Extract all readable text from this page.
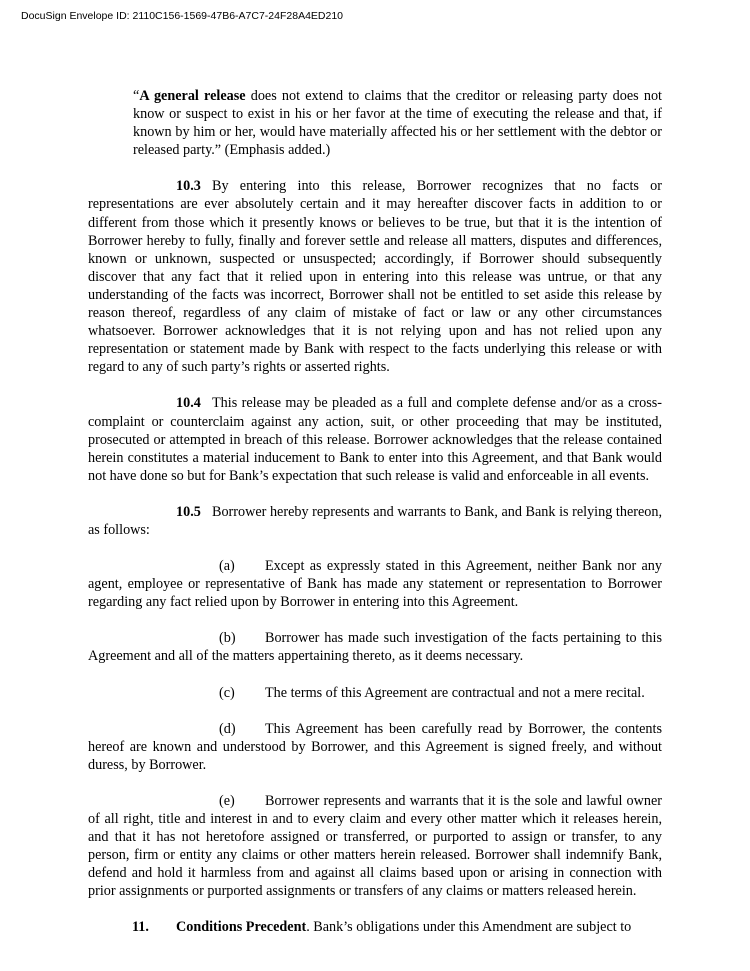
DocuSign Envelope ID: 2110C156-1569-47B6-A7C7-24F28A4ED210

“A general release does not extend to claims that the creditor or releasing party does not know or suspect to exist in his or her favor at the time of executing the release and that, if known by him or her, would have materially affected his or her settlement with the debtor or released party.” (Emphasis added.)

10.3 By entering into this release, Borrower recognizes that no facts or representations are ever absolutely certain and it may hereafter discover facts in addition to or different from those which it presently knows or believes to be true, but that it is the intention of Borrower hereby to fully, finally and forever settle and release all matters, disputes and differences, known or unknown, suspected or unsuspected; accordingly, if Borrower should subsequently discover that any fact that it relied upon in entering into this release was untrue, or that any understanding of the facts was incorrect, Borrower shall not be entitled to set aside this release by reason thereof, regardless of any claim of mistake of fact or law or any other circumstances whatsoever. Borrower acknowledges that it is not relying upon and has not relied upon any representation or statement made by Bank with respect to the facts underlying this release or with regard to any of such party’s rights or asserted rights.

10.4 This release may be pleaded as a full and complete defense and/or as a cross-complaint or counterclaim against any action, suit, or other proceeding that may be instituted, prosecuted or attempted in breach of this release. Borrower acknowledges that the release contained herein constitutes a material inducement to Bank to enter into this Agreement, and that Bank would not have done so but for Bank’s expectation that such release is valid and enforceable in all events.

10.5 Borrower hereby represents and warrants to Bank, and Bank is relying thereon, as follows:

(a) Except as expressly stated in this Agreement, neither Bank nor any agent, employee or representative of Bank has made any statement or representation to Borrower regarding any fact relied upon by Borrower in entering into this Agreement.

(b) Borrower has made such investigation of the facts pertaining to this Agreement and all of the matters appertaining thereto, as it deems necessary.

(c) The terms of this Agreement are contractual and not a mere recital.

(d) This Agreement has been carefully read by Borrower, the contents hereof are known and understood by Borrower, and this Agreement is signed freely, and without duress, by Borrower.

(e) Borrower represents and warrants that it is the sole and lawful owner of all right, title and interest in and to every claim and every other matter which it releases herein, and that it has not heretofore assigned or transferred, or purported to assign or transfer, to any person, firm or entity any claims or other matters herein released. Borrower shall indemnify Bank, defend and hold it harmless from and against all claims based upon or arising in connection with prior assignments or purported assignments or transfers of any claims or matters released herein.

11. Conditions Precedent. Bank’s obligations under this Amendment are subject to
